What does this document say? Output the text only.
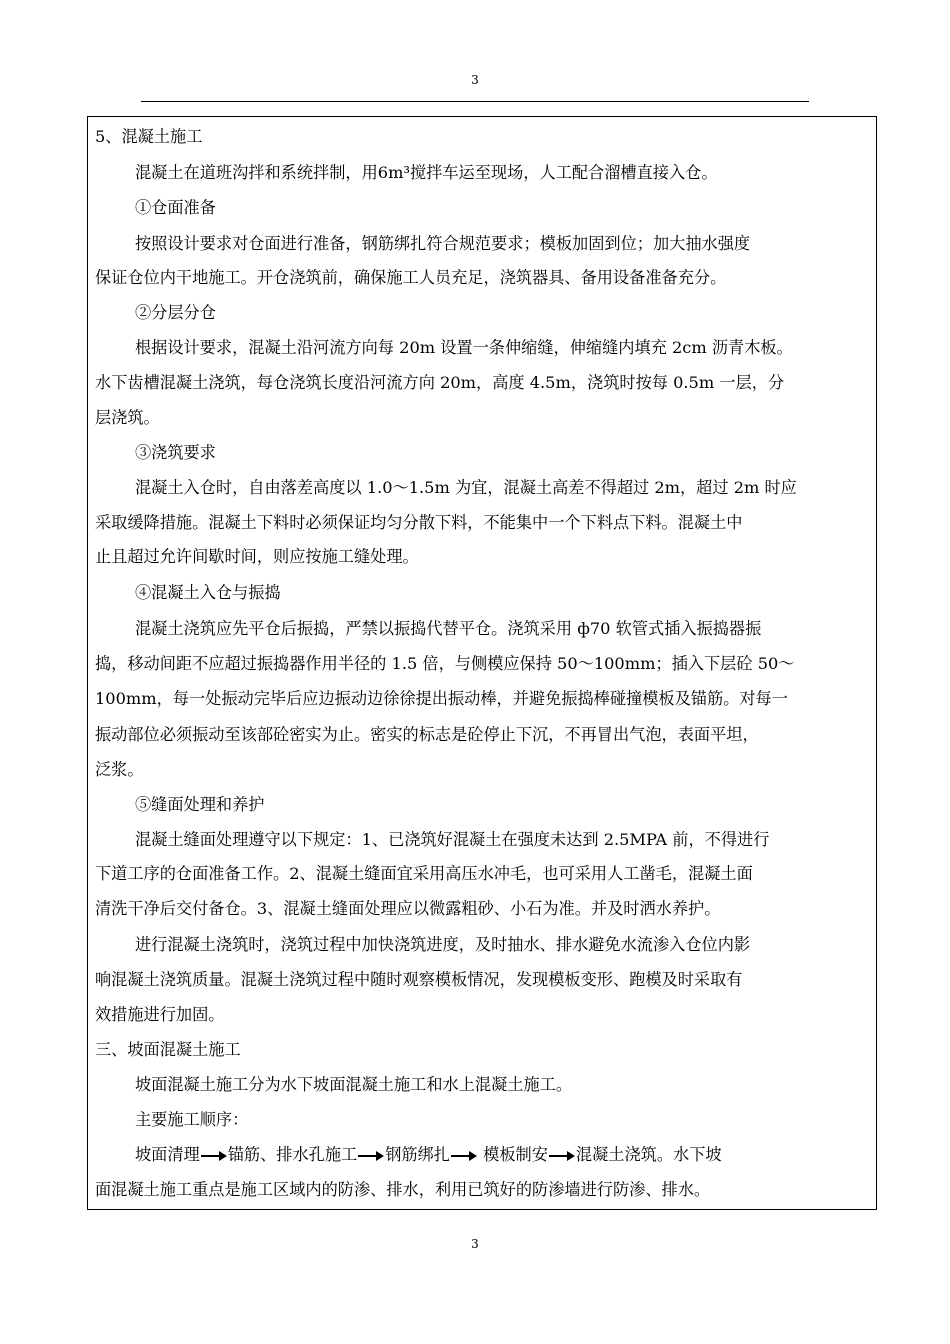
3
5、混凝土施工
混凝土在道班沟拌和系统拌制，用6m³搅拌车运至现场，人工配合溜槽直接入仓。
①仓面准备
按照设计要求对仓面进行准备，钢筋绑扎符合规范要求；模板加固到位；加大抽水强度
保证仓位内干地施工。开仓浇筑前，确保施工人员充足，浇筑器具、备用设备准备充分。
②分层分仓
根据设计要求，混凝土沿河流方向每 20m 设置一条伸缩缝，伸缩缝内填充 2cm 沥青木板。
水下齿槽混凝土浇筑，每仓浇筑长度沿河流方向 20m，高度 4.5m，浇筑时按每 0.5m 一层，分
层浇筑。
③浇筑要求
混凝土入仓时，自由落差高度以 1.0～1.5m 为宜，混凝土高差不得超过 2m，超过 2m 时应
采取缓降措施。混凝土下料时必须保证均匀分散下料，不能集中一个下料点下料。混凝土中
止且超过允许间歇时间，则应按施工缝处理。
④混凝土入仓与振捣
混凝土浇筑应先平仓后振捣，严禁以振捣代替平仓。浇筑采用 ф70 软管式插入振捣器振
捣，移动间距不应超过振捣器作用半径的 1.5 倍，与侧模应保持 50～100mm；插入下层砼 50～
100mm，每一处振动完毕后应边振动边徐徐提出振动棒，并避免振捣棒碰撞模板及锚筋。对每一
振动部位必须振动至该部砼密实为止。密实的标志是砼停止下沉，不再冒出气泡，表面平坦，
泛浆。
⑤缝面处理和养护
混凝土缝面处理遵守以下规定：1、已浇筑好混凝土在强度未达到 2.5MPA 前，不得进行
下道工序的仓面准备工作。2、混凝土缝面宜采用高压水冲毛，也可采用人工凿毛，混凝土面
清洗干净后交付备仓。3、混凝土缝面处理应以微露粗砂、小石为准。并及时洒水养护。
进行混凝土浇筑时，浇筑过程中加快浇筑进度，及时抽水、排水避免水流渗入仓位内影
响混凝土浇筑质量。混凝土浇筑过程中随时观察模板情况，发现模板变形、跑模及时采取有
效措施进行加固。
三、坡面混凝土施工
坡面混凝土施工分为水下坡面混凝土施工和水上混凝土施工。
主要施工顺序：
坡面清理 锚筋、排水孔施工 钢筋绑扎 模板制安 混凝土浇筑。水下坡
面混凝土施工重点是施工区域内的防渗、排水，利用已筑好的防渗墙进行防渗、排水。
3
